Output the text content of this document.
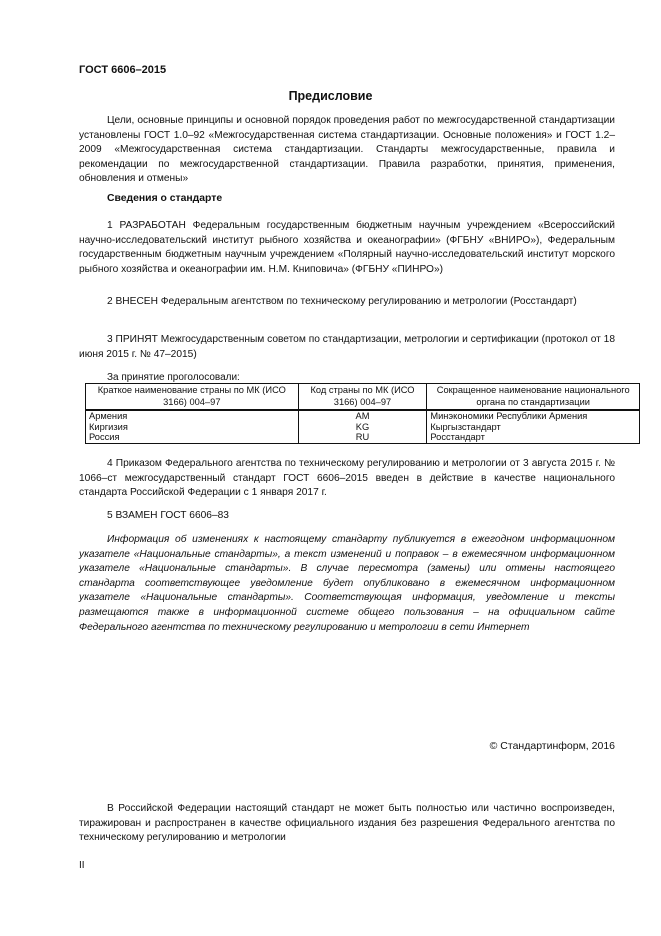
ГОСТ 6606–2015
Предисловие
Цели, основные принципы и основной порядок проведения работ по межгосударственной стандартизации установлены ГОСТ 1.0–92 «Межгосударственная система стандартизации. Основные положения» и ГОСТ 1.2–2009 «Межгосударственная система стандартизации. Стандарты межгосударственные, правила и рекомендации по межгосударственной стандартизации. Правила разработки, принятия, применения, обновления и отмены»
Сведения о стандарте
1 РАЗРАБОТАН Федеральным государственным бюджетным научным учреждением «Всероссийский научно-исследовательский институт рыбного хозяйства и океанографии» (ФГБНУ «ВНИРО»), Федеральным государственным бюджетным научным учреждением «Полярный научно-исследовательский институт морского рыбного хозяйства и океанографии им. Н.М. Книповича» (ФГБНУ «ПИНРО»)
2 ВНЕСЕН Федеральным агентством по техническому регулированию и метрологии (Росстандарт)
3 ПРИНЯТ Межгосударственным советом по стандартизации, метрологии и сертификации (протокол от 18 июня 2015 г. № 47–2015)
За принятие проголосовали:
Краткое наименование страны по МК (ИСО 3166) 004–97	Код страны по МК (ИСО 3166) 004–97	Сокращенное наименование национального органа по стандартизации
Армения	AM	Минэкономики Республики Армения
Киргизия	KG	Кыргызстандарт
Россия	RU	Росстандарт
4 Приказом Федерального агентства по техническому регулированию и метрологии от 3 августа 2015 г. № 1066–ст межгосударственный стандарт ГОСТ 6606–2015 введен в действие в качестве национального стандарта Российской Федерации с 1 января 2017 г.
5 ВЗАМЕН ГОСТ 6606–83
Информация об изменениях к настоящему стандарту публикуется в ежегодном информационном указателе «Национальные стандарты», а текст изменений и поправок – в ежемесячном информационном указателе «Национальные стандарты». В случае пересмотра (замены) или отмены настоящего стандарта соответствующее уведомление будет опубликовано в ежемесячном информационном указателе «Национальные стандарты». Соответствующая информация, уведомление и тексты размещаются также в информационной системе общего пользования – на официальном сайте Федерального агентства по техническому регулированию и метрологии в сети Интернет
© Стандартинформ, 2016
В Российской Федерации настоящий стандарт не может быть полностью или частично воспроизведен, тиражирован и распространен в качестве официального издания без разрешения Федерального агентства по техническому регулированию и метрологии
II
